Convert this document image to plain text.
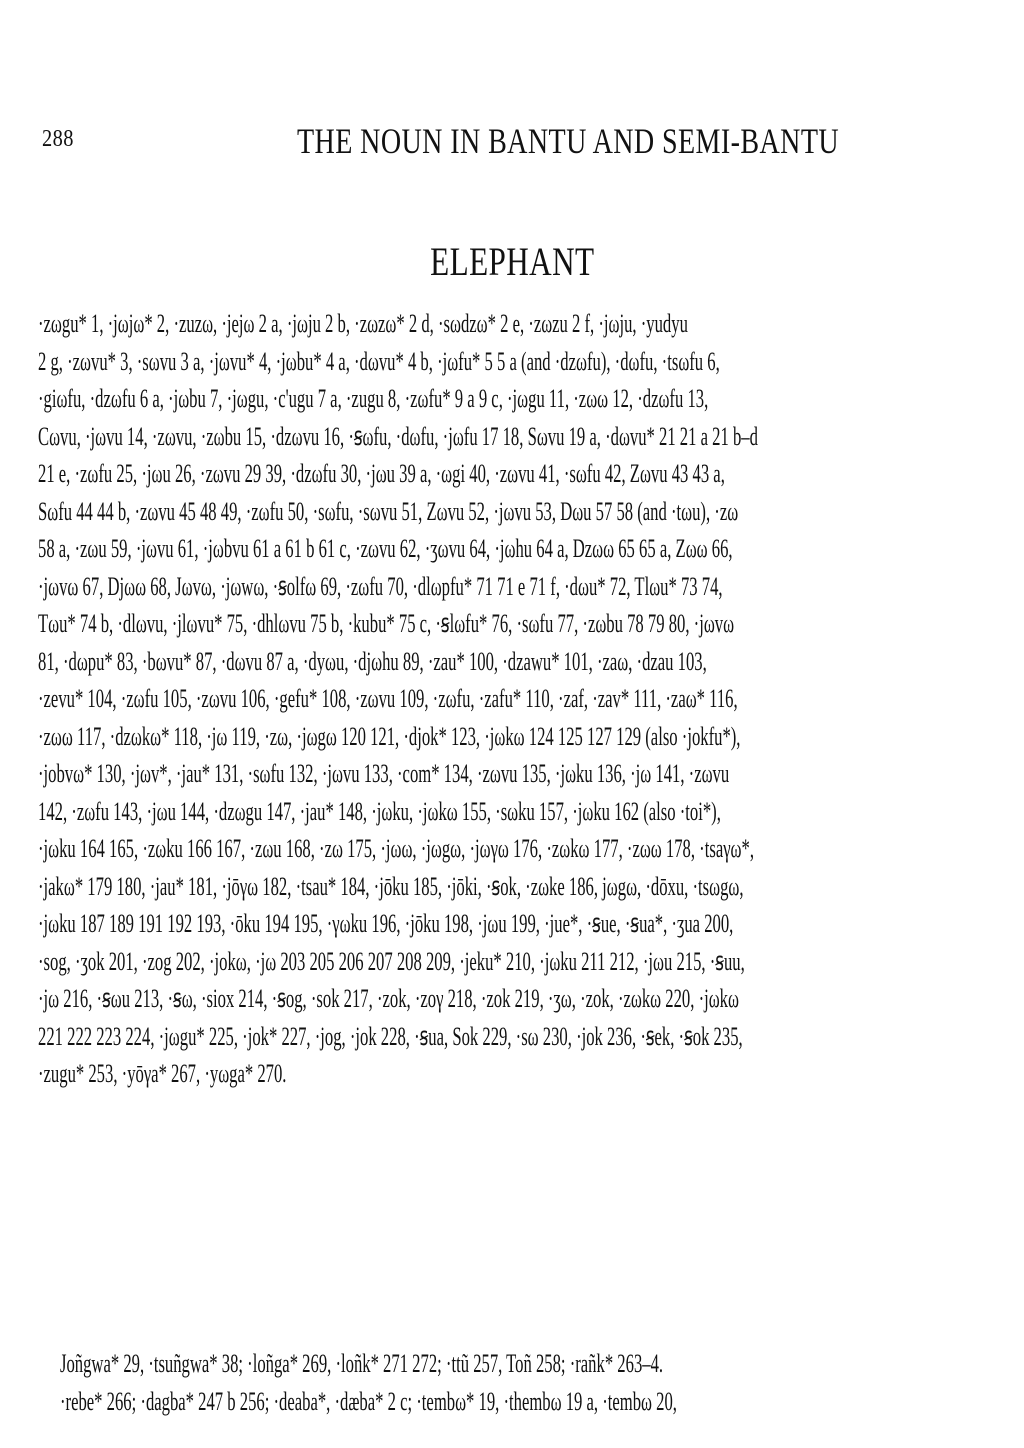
288	THE NOUN IN BANTU AND SEMI-BANTU
ELEPHANT
·zωgu* 1, ·jωjω* 2, ·zuzω, ·jejω 2 a, ·jωju 2 b, ·zωzω* 2 d, ·sωdzω* 2 e, ·zωzu 2 f, ·jωju, ·yudyu
2 g, ·zωvu* 3, ·sωvu 3 a, ·jωvu* 4, ·jωbu* 4 a, ·dωvu* 4 b, ·jωfu* 5 5 a (and ·dzωfu), ·dωfu, ·tsωfu 6,
·giωfu, ·dzωfu 6 a, ·jωbu 7, ·jωgu, ·c'ugu 7 a, ·zugu 8, ·zωfu* 9 a 9 c, ·jωgu 11, ·zωω 12, ·dzωfu 13,
Cωvu, ·jωvu 14, ·zωvu, ·zωbu 15, ·dzωvu 16, ·ꞩωfu, ·dωfu, ·jωfu 17 18, Sωvu 19 a, ·dωvu* 21 21 a 21 b–d
21 e, ·zωfu 25, ·jωu 26, ·zωvu 29 39, ·dzωfu 30, ·jωu 39 a, ·ωgi 40, ·zωvu 41, ·sωfu 42, Zωvu 43 43 a,
Sωfu 44 44 b, ·zωvu 45 48 49, ·zωfu 50, ·sωfu, ·sωvu 51, Zωvu 52, ·jωvu 53, Dωu 57 58 (and ·tωu), ·zω
58 a, ·zωu 59, ·jωvu 61, ·jωbvu 61 a 61 b 61 c, ·zωvu 62, ·ʒωvu 64, ·jωhu 64 a, Dzωω 65 65 a, Zωω 66,
·jωvω 67, Djωω 68, Jωvω, ·jωwω, ·ꞩolfω 69, ·zωfu 70, ·dlωpfu* 71 71 e 71 f, ·dωu* 72, Tlωu* 73 74,
Tωu* 74 b, ·dlωvu, ·jlωvu* 75, ·dhlωvu 75 b, ·kubu* 75 c, ·ꞩlωfu* 76, ·sωfu 77, ·zωbu 78 79 80, ·jωvω
81, ·dωpu* 83, ·bωvu* 87, ·dωvu 87 a, ·dyωu, ·djωhu 89, ·zau* 100, ·dzawu* 101, ·zaω, ·dzau 103,
·zevu* 104, ·zωfu 105, ·zωvu 106, ·gefu* 108, ·zωvu 109, ·zωfu, ·zafu* 110, ·zaf, ·zav* 111, ·zaω* 116,
·zωω 117, ·dzωkω* 118, ·jω 119, ·zω, ·jωgω 120 121, ·djok* 123, ·jωkω 124 125 127 129 (also ·jokfu*),
·jobvω* 130, ·jωv*, ·jau* 131, ·sωfu 132, ·jωvu 133, ·com* 134, ·zωvu 135, ·jωku 136, ·jω 141, ·zωvu
142, ·zωfu 143, ·jωu 144, ·dzωgu 147, ·jau* 148, ·jωku, ·jωkω 155, ·sωku 157, ·jωku 162 (also ·toi*),
·jωku 164 165, ·zωku 166 167, ·zωu 168, ·zω 175, ·jωω, ·jωgω, ·jωγω 176, ·zωkω 177, ·zωω 178, ·tsaγω*,
·jakω* 179 180, ·jau* 181, ·jōγω 182, ·tsau* 184, ·jōku 185, ·jōki, ·ꞩok, ·zωke 186, jωgω, ·dōxu, ·tsωgω,
·jωku 187 189 191 192 193, ·ōku 194 195, ·γωku 196, ·jōku 198, ·jωu 199, ·jue*, ·ꞩue, ·ꞩua*, ·ʒua 200,
·sog, ·ʒok 201, ·zog 202, ·jokω, ·jω 203 205 206 207 208 209, ·jeku* 210, ·jωku 211 212, ·jωu 215, ·ꞩuu,
·jω 216, ·ꞩωu 213, ·ꞩω, ·siox 214, ·ꞩog, ·sok 217, ·zok, ·zoγ 218, ·zok 219, ·ʒω, ·zok, ·zωkω 220, ·jωkω
221 222 223 224, ·jωgu* 225, ·jok* 227, ·jog, ·jok 228, ·ꞩua, Sok 229, ·sω 230, ·jok 236, ·ꞩek, ·ꞩok 235,
·zugu* 253, ·yōγa* 267, ·yωga* 270.
Joñgwa* 29, ·tsuñgwa* 38; ·loñga* 269, ·loñk* 271 272; ·ttũ 257, Toñ 258; ·rañk* 263–4.
·rebe* 266; ·dagba* 247 b 256; ·deaba*, ·dæba* 2 c; ·tembω* 19, ·thembω 19 a, ·tembω 20,
